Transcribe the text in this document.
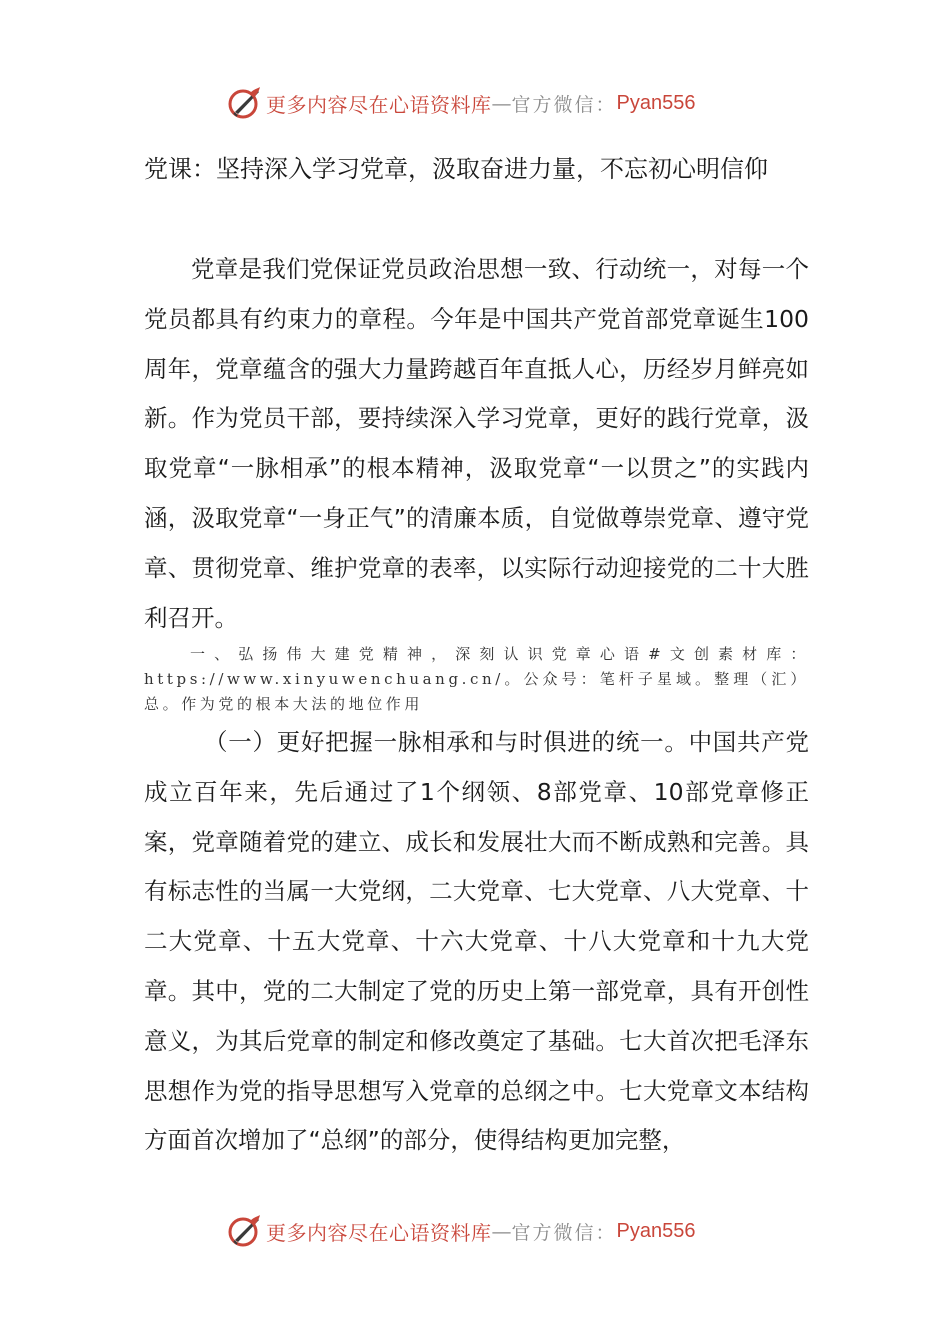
更多内容尽在心语资料库 — 官方微信： Pyan556
党课：坚持深入学习党章，汲取奋进力量，不忘初心明信仰

党章是我们党保证党员政治思想一致、行动统一，对每一个党员都具有约束力的章程。今年是中国共产党首部党章诞生100周年，党章蕴含的强大力量跨越百年直抵人心，历经岁月鲜亮如新。作为党员干部，要持续深入学习党章，更好的践行党章，汲取党章“一脉相承”的根本精神，汲取党章“一以贯之”的实践内涵，汲取党章“一身正气”的清廉本质，自觉做尊崇党章、遵守党章、贯彻党章、维护党章的表率，以实际行动迎接党的二十大胜利召开。

一、弘扬伟大建党精神，深刻认识党章心语#文创素材库：https://www.xinyuwenchuang.cn/。公众号：笔杆子星域。整理（汇）总。作为党的根本大法的地位作用

（一）更好把握一脉相承和与时俱进的统一。中国共产党成立百年来，先后通过了1个纲领、8部党章、10部党章修正案，党章随着党的建立、成长和发展壮大而不断成熟和完善。具有标志性的当属一大党纲，二大党章、七大党章、八大党章、十二大党章、十五大党章、十六大党章、十八大党章和十九大党章。其中，党的二大制定了党的历史上第一部党章，具有开创性意义，为其后党章的制定和修改奠定了基础。七大首次把毛泽东思想作为党的指导思想写入党章的总纲之中。七大党章文本结构方面首次增加了“总纲”的部分，使得结构更加完整，

更多内容尽在心语资料库 — 官方微信： Pyan556
